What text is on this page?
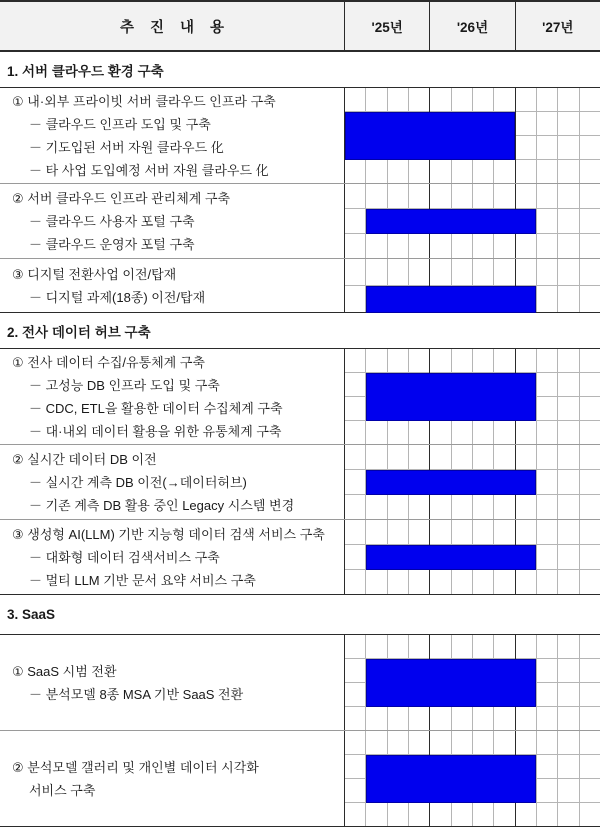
추 진 내 용	'25년	'26년	'27년
1. 서버 클라우드 환경 구축
① 내·외부 프라이빗 서버 클라우드 인프라 구축
－ 클라우드 인프라 도입 및 구축
－ 기도입된 서버 자원 클라우드 化
－ 타 사업 도입예정 서버 자원 클라우드 化
② 서버 클라우드 인프라 관리체계 구축
－ 클라우드 사용자 포털 구축
－ 클라우드 운영자 포털 구축
③ 디지털 전환사업 이전/탑재
－ 디지털 과제(18종) 이전/탑재
2. 전사 데이터 허브 구축
① 전사 데이터 수집/유통체계 구축
－ 고성능 DB 인프라 도입 및 구축
－ CDC, ETL을 활용한 데이터 수집체계 구축
－ 대·내외 데이터 활용을 위한 유통체계 구축
② 실시간 데이터 DB 이전
－ 실시간 계측 DB 이전(→데이터허브)
－ 기존 계측 DB 활용 중인 Legacy 시스템 변경
③ 생성형 AI(LLM) 기반 지능형 데이터 검색 서비스 구축
－ 대화형 데이터 검색서비스 구축
－ 멀티 LLM 기반 문서 요약 서비스 구축
3. SaaS
① SaaS 시범 전환
－ 분석모델 8종 MSA 기반 SaaS 전환
② 분석모델 갤러리 및 개인별 데이터 시각화
서비스 구축
